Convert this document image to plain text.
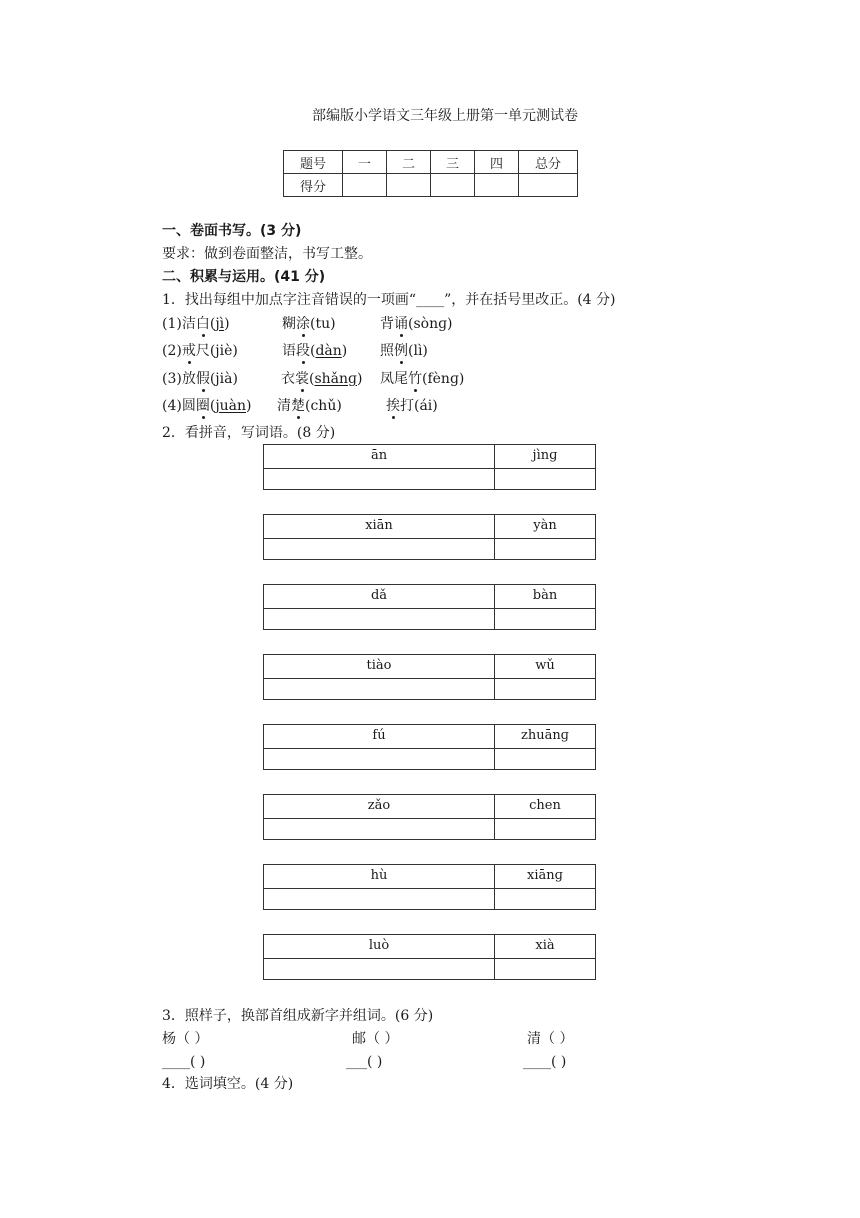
部编版小学语文三年级上册第一单元测试卷
题号	一	二	三	四	总分
得分					
一、卷面书写。(3 分)
要求：做到卷面整洁，书写工整。
二、积累与运用。(41 分)
1．找出每组中加点字注音错误的一项画“____”，并在括号里改正。(4 分)
(1)洁白(jì)	糊涂(tu)	背诵(sònɡ)
(2)戒尺(jiè)	语段(dàn) 照例(lì)
(3)放假(jià)	衣裳(shǎnɡ) 凤尾竹(fènɡ)
(4)圆圈(juàn) 清楚(chǔ)	挨打(ái)
2．看拼音，写词语。(8 分)
ān	jìnɡ
xiān	yàn
dǎ	bàn
tiào	wǔ
fú	zhuānɡ
zǎo	chen
hù	xiānɡ
luò	xià
3．照样子，换部首组成新字并组词。(6 分)
杨（ ）	邮（ ）	清（ ）
____( )	___( )	____( )
4．选词填空。(4 分)
